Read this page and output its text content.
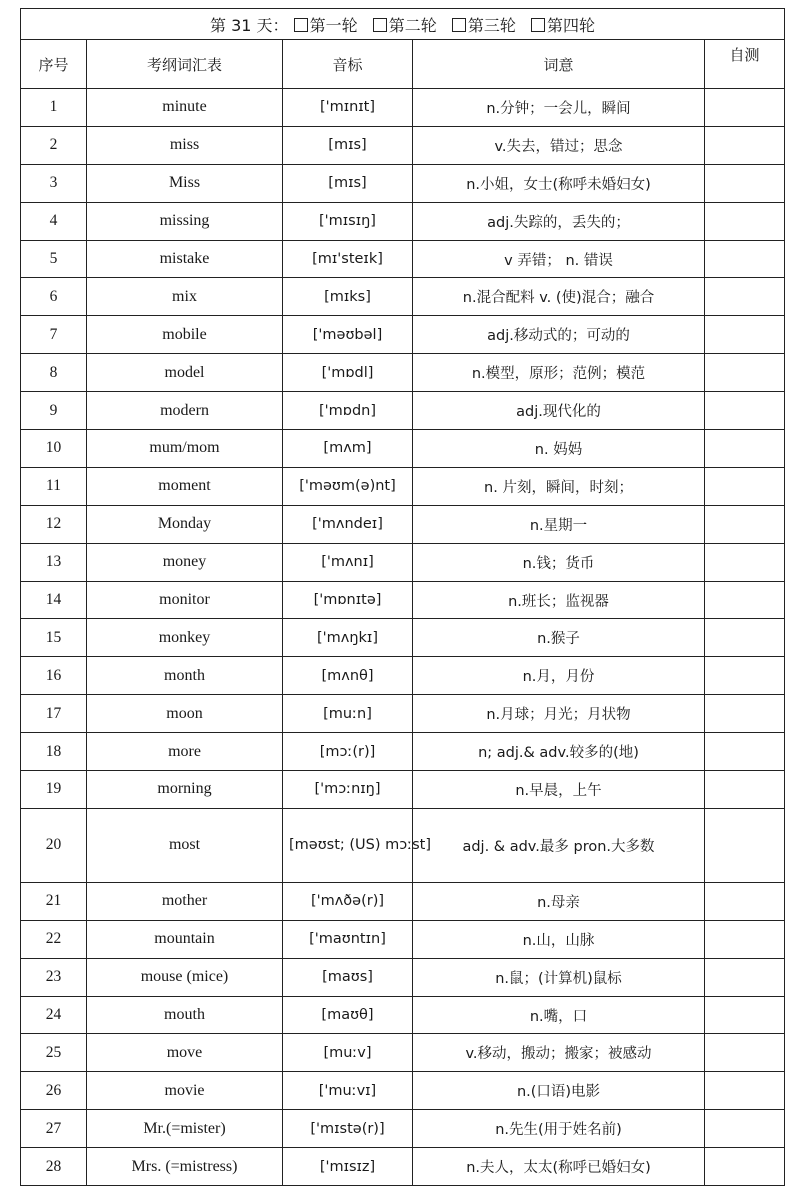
第 31 天： 第一轮 第二轮 第三轮 第四轮				
序号	考纲词汇表	音标	词意	自测
1	minute	['mɪnɪt]	n.分钟；一会儿，瞬间	
2	miss	[mɪs]	v.失去，错过；思念	
3	Miss	[mɪs]	n.小姐，女士(称呼未婚妇女)	
4	missing	['mɪsɪŋ]	adj.失踪的，丢失的；	
5	mistake	[mɪ'steɪk]	v 弄错； n. 错误	
6	mix	[mɪks]	n.混合配料 v. (使)混合；融合	
7	mobile	['məʊbəl]	adj.移动式的；可动的	
8	model	['mɒdl]	n.模型，原形；范例；模范	
9	modern	['mɒdn]	adj.现代化的	
10	mum/mom	[mʌm]	n. 妈妈	
11	moment	['məʊm(ə)nt]	n. 片刻，瞬间，时刻；	
12	Monday	['mʌndeɪ]	n.星期一	
13	money	['mʌnɪ]	n.钱；货币	
14	monitor	['mɒnɪtə]	n.班长；监视器	
15	monkey	['mʌŋkɪ]	n.猴子	
16	month	[mʌnθ]	n.月，月份	
17	moon	[muːn]	n.月球；月光；月状物	
18	more	[mɔː(r)]	n; adj.& adv.较多的(地)	
19	morning	['mɔːnɪŋ]	n.早晨，上午	
20	most	[məʊst; (US) mɔːst]	adj. & adv.最多 pron.大多数	
21	mother	['mʌðə(r)]	n.母亲	
22	mountain	['maʊntɪn]	n.山，山脉	
23	mouse (mice)	[maʊs]	n.鼠；(计算机)鼠标	
24	mouth	[maʊθ]	n.嘴，口	
25	move	[muːv]	v.移动，搬动；搬家；被感动	
26	movie	['muːvɪ]	n.(口语)电影	
27	Mr.(=mister)	['mɪstə(r)]	n.先生(用于姓名前)	
28	Mrs. (=mistress)	['mɪsɪz]	n.夫人，太太(称呼已婚妇女)	
